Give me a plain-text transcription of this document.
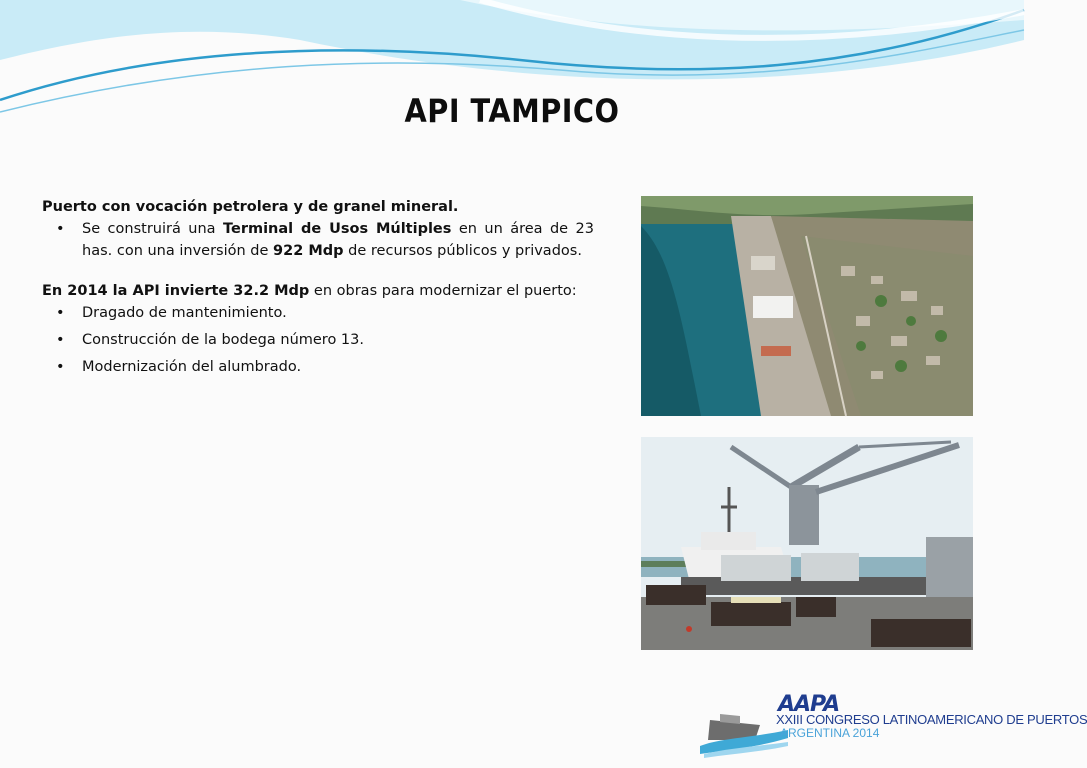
API TAMPICO

Puerto con vocación petrolera y de granel mineral.

• Se construirá una Terminal de Usos Múltiples en un área de 23 has. con una inversión de 922 Mdp de recursos públicos y privados.

En 2014 la API invierte 32.2 Mdp en obras para modernizar el puerto:

• Dragado de mantenimiento.
• Construcción de la bodega número 13.
• Modernización del alumbrado.
AAPA
XXIII CONGRESO LATINOAMERICANO DE PUERTOS
ARGENTINA 2014
